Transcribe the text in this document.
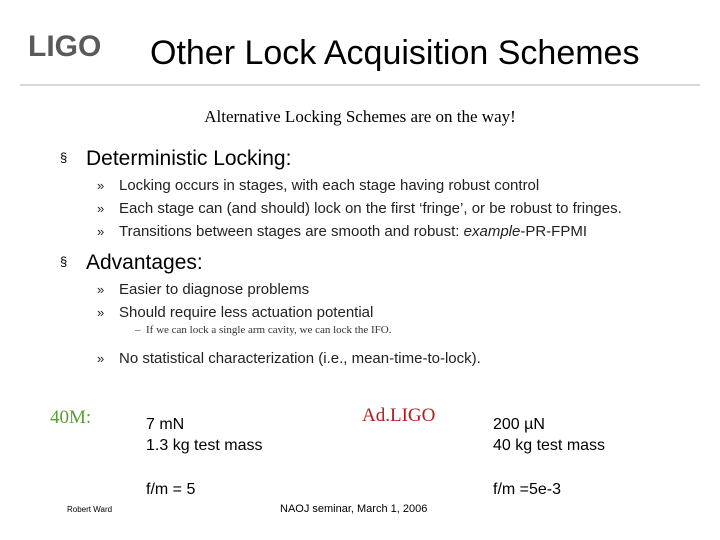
LIGO Other Lock Acquisition Schemes
Alternative Locking Schemes are on the way!
§ Deterministic Locking:
» Locking occurs in stages, with each stage having robust control
» Each stage can (and should) lock on the first ‘fringe’, or be robust to fringes.
» Transitions between stages are smooth and robust: example-PR-FPMI
§ Advantages:
» Easier to diagnose problems
» Should require less actuation potential
– If we can lock a single arm cavity, we can lock the IFO.
» No statistical characterization (i.e., mean-time-to-lock).
40M:	7 mN
1.3 kg test mass
f/m = 5
Ad.LIGO	200 µN
40 kg test mass
f/m =5e-3
Robert Ward	NAOJ seminar, March 1, 2006
